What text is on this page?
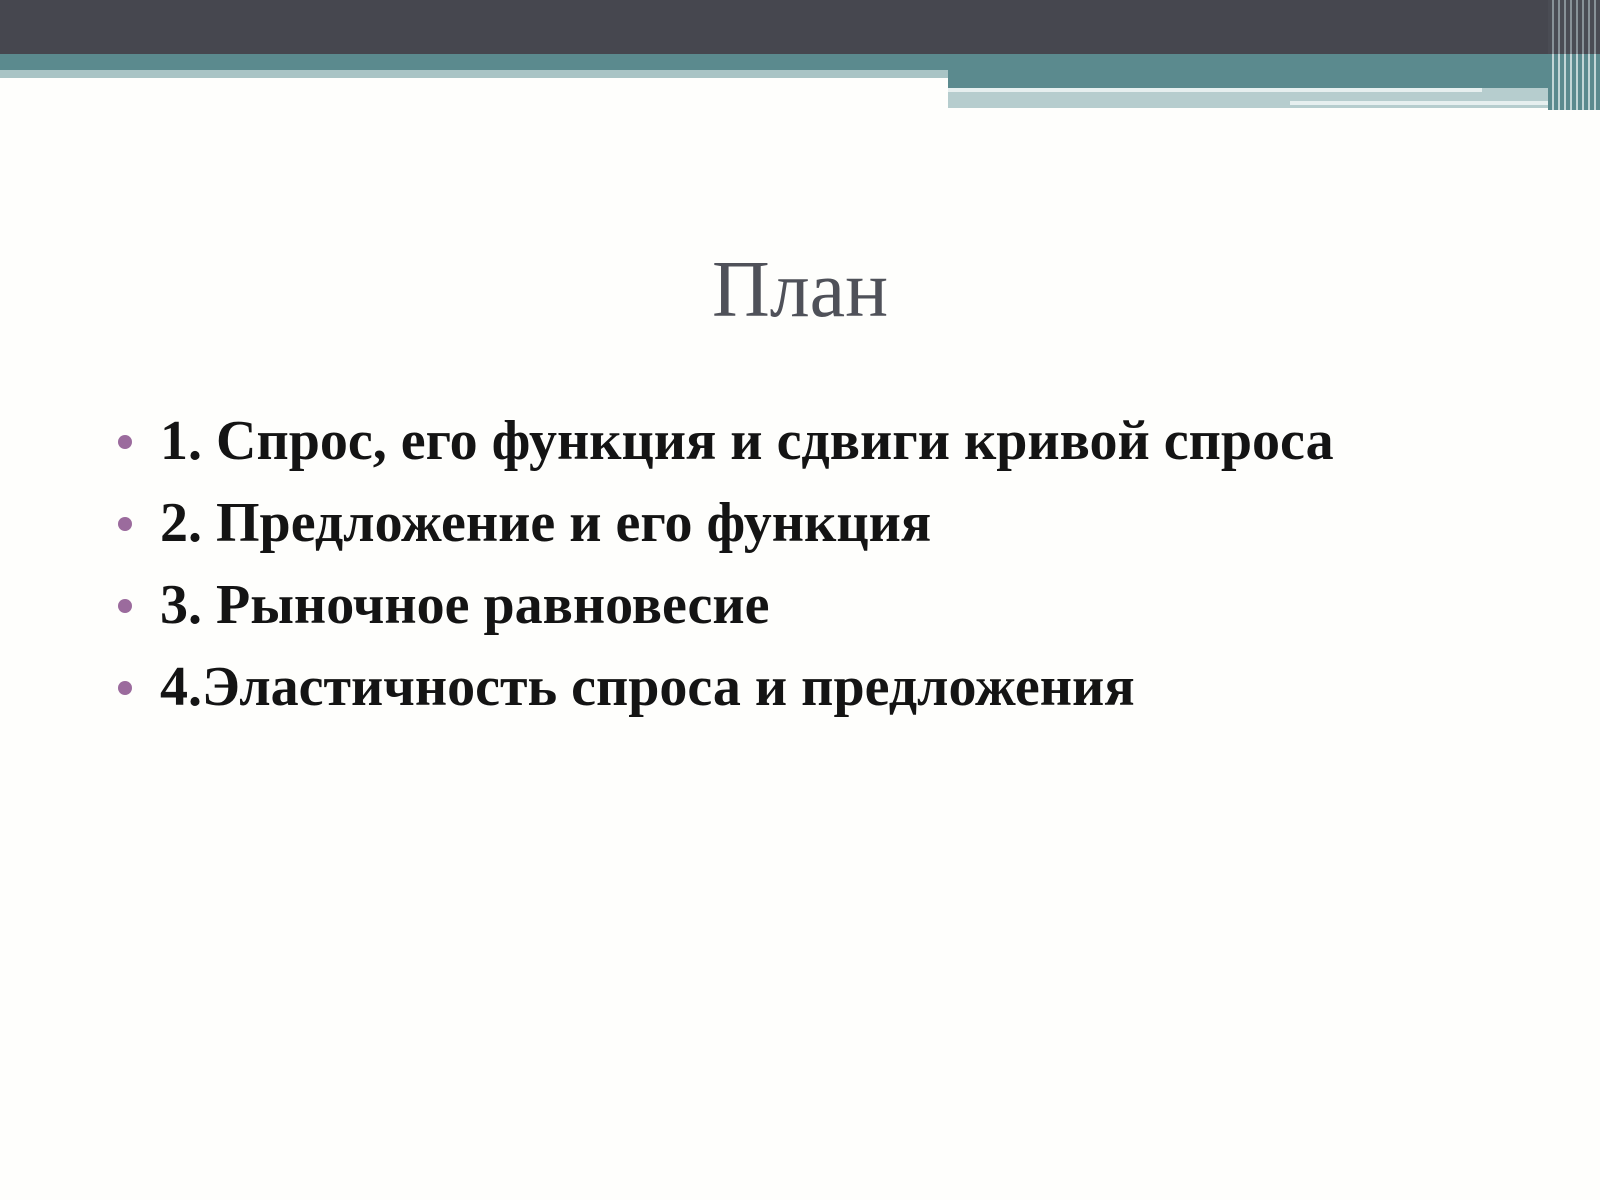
План
1. Спрос, его функция и сдвиги кривой спроса
2. Предложение и его функция
3. Рыночное равновесие
4.Эластичность спроса и предложения
